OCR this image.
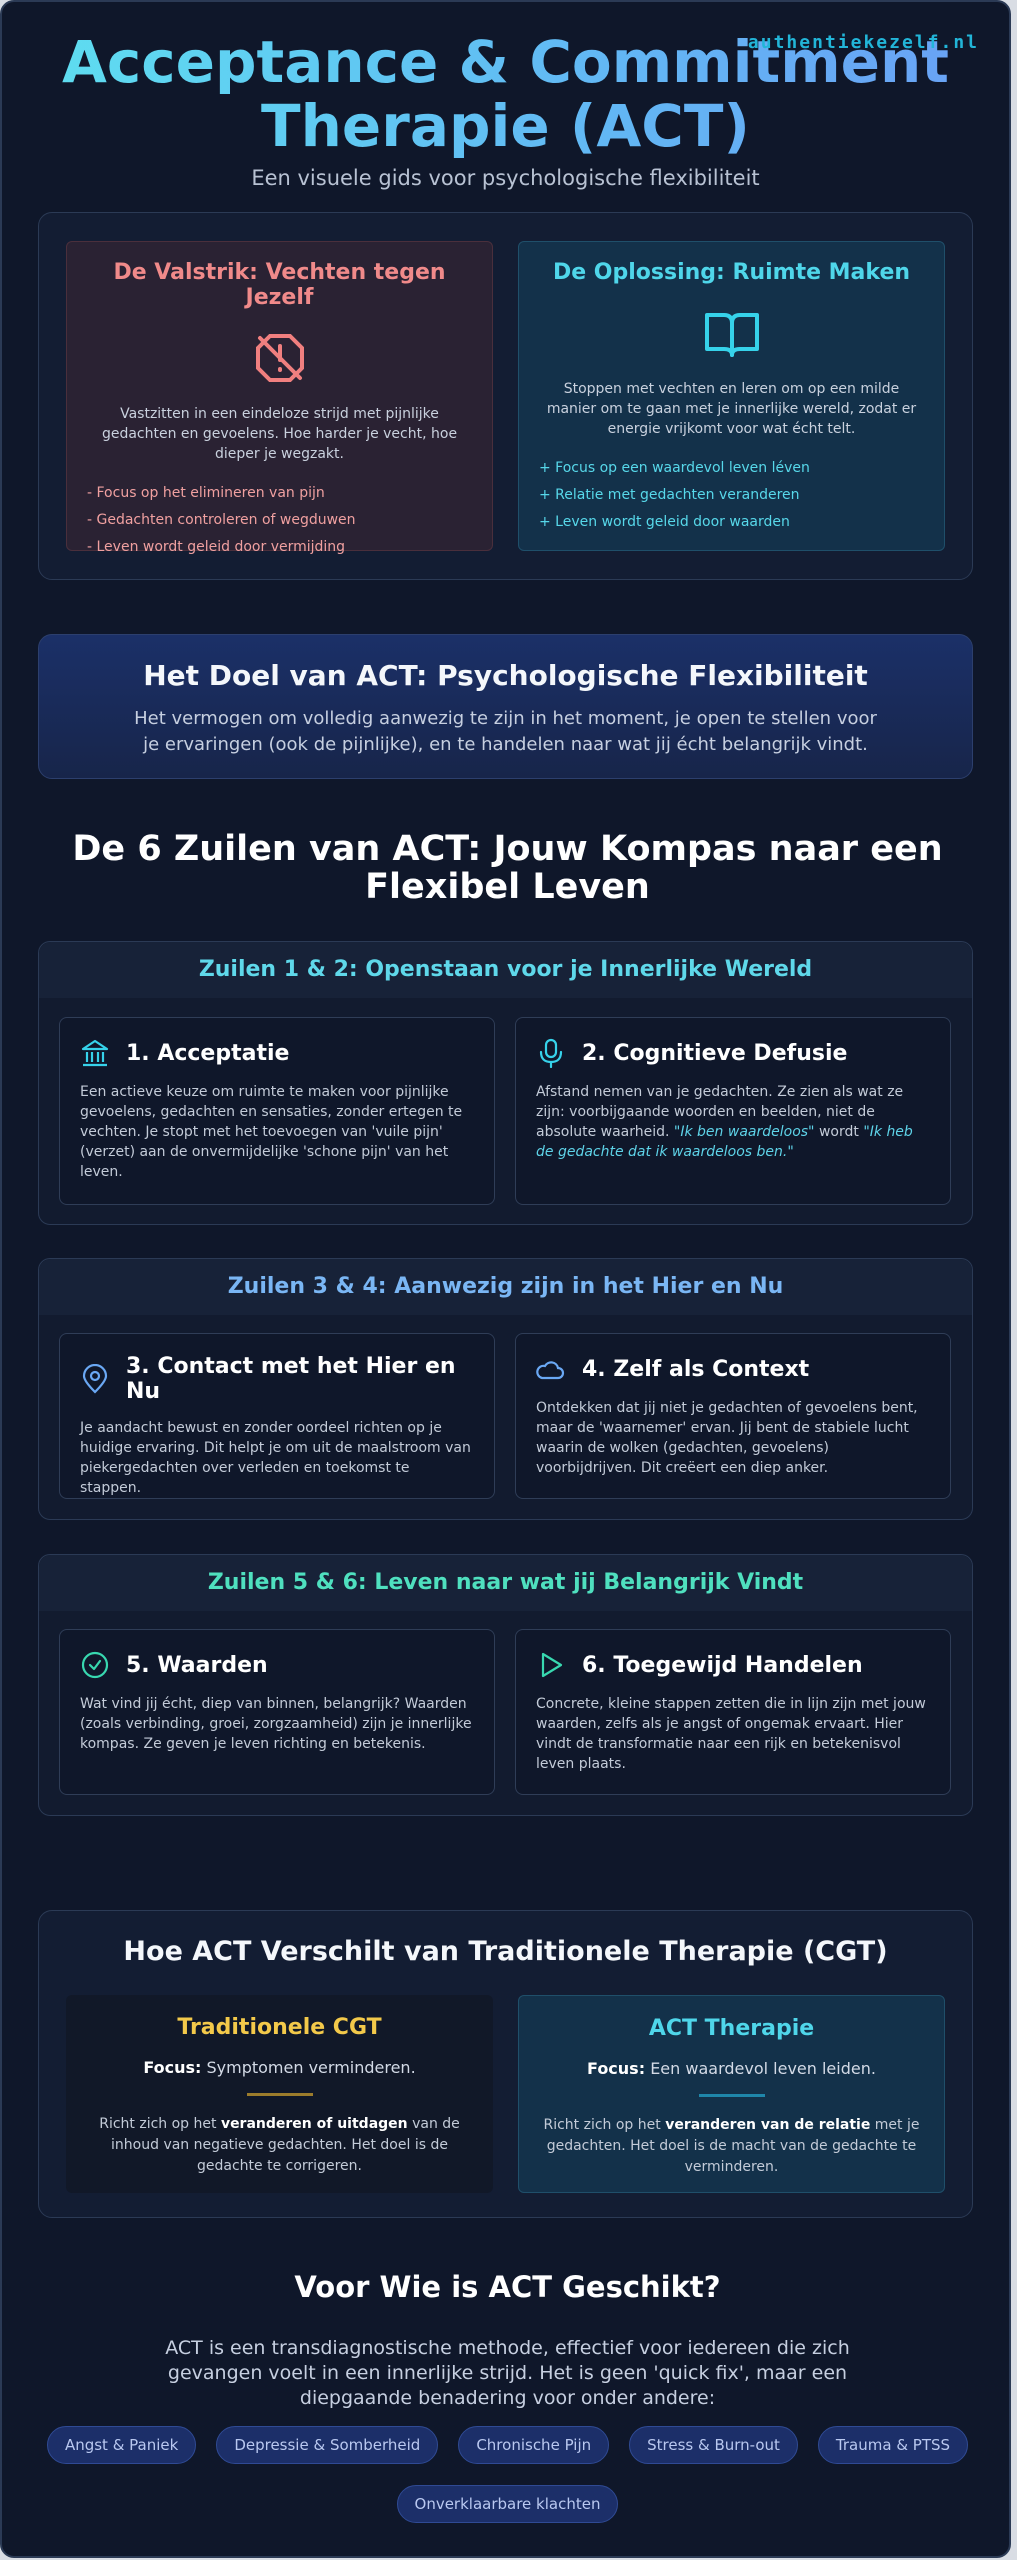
authentiekezelf.nl
Acceptance & Commitment
Therapie (ACT)
Een visuele gids voor psychologische flexibiliteit
De Valstrik: Vechten tegen Jezelf

Vastzitten in een eindeloze strijd met pijnlijke gedachten en gevoelens. Hoe harder je vecht, hoe dieper je wegzakt.

- Focus op het elimineren van pijn
- Gedachten controleren of wegduwen
- Leven wordt geleid door vermijding
De Oplossing: Ruimte Maken

Stoppen met vechten en leren om op een milde manier om te gaan met je innerlijke wereld, zodat er energie vrijkomt voor wat écht telt.

+ Focus op een waardevol leven léven
+ Relatie met gedachten veranderen
+ Leven wordt geleid door waarden
Het Doel van ACT: Psychologische Flexibiliteit

Het vermogen om volledig aanwezig te zijn in het moment, je open te stellen voor je ervaringen (ook de pijnlijke), en te handelen naar wat jij écht belangrijk vindt.

De 6 Zuilen van ACT: Jouw Kompas naar een Flexibel Leven
Zuilen 1 & 2: Openstaan voor je Innerlijke Wereld
1. Acceptatie

Een actieve keuze om ruimte te maken voor pijnlijke gevoelens, gedachten en sensaties, zonder ertegen te vechten. Je stopt met het toevoegen van 'vuile pijn' (verzet) aan de onvermijdelijke 'schone pijn' van het leven.

2. Cognitieve Defusie

Afstand nemen van je gedachten. Ze zien als wat ze zijn: voorbijgaande woorden en beelden, niet de absolute waarheid. "Ik ben waardeloos" wordt "Ik heb de gedachte dat ik waardeloos ben."

Zuilen 3 & 4: Aanwezig zijn in het Hier en Nu
3. Contact met het Hier en Nu

Je aandacht bewust en zonder oordeel richten op je huidige ervaring. Dit helpt je om uit de maalstroom van piekergedachten over verleden en toekomst te stappen.

4. Zelf als Context

Ontdekken dat jij niet je gedachten of gevoelens bent, maar de 'waarnemer' ervan. Jij bent de stabiele lucht waarin de wolken (gedachten, gevoelens) voorbijdrijven. Dit creëert een diep anker.

Zuilen 5 & 6: Leven naar wat jij Belangrijk Vindt
5. Waarden

Wat vind jij écht, diep van binnen, belangrijk? Waarden (zoals verbinding, groei, zorgzaamheid) zijn je innerlijke kompas. Ze geven je leven richting en betekenis.

6. Toegewijd Handelen

Concrete, kleine stappen zetten die in lijn zijn met jouw waarden, zelfs als je angst of ongemak ervaart. Hier vindt de transformatie naar een rijk en betekenisvol leven plaats.

Hoe ACT Verschilt van Traditionele Therapie (CGT)
Traditionele CGT
Focus: Symptomen verminderen.

Richt zich op het veranderen of uitdagen van de inhoud van negatieve gedachten. Het doel is de gedachte te corrigeren.

ACT Therapie
Focus: Een waardevol leven leiden.

Richt zich op het veranderen van de relatie met je gedachten. Het doel is de macht van de gedachte te verminderen.

Voor Wie is ACT Geschikt?

ACT is een transdiagnostische methode, effectief voor iedereen die zich gevangen voelt in een innerlijke strijd. Het is geen 'quick fix', maar een diepgaande benadering voor onder andere:

Angst & Paniek	Depressie & Somberheid	Chronische Pijn	Stress & Burn-out	Trauma & PTSS
Onverklaarbare klachten
